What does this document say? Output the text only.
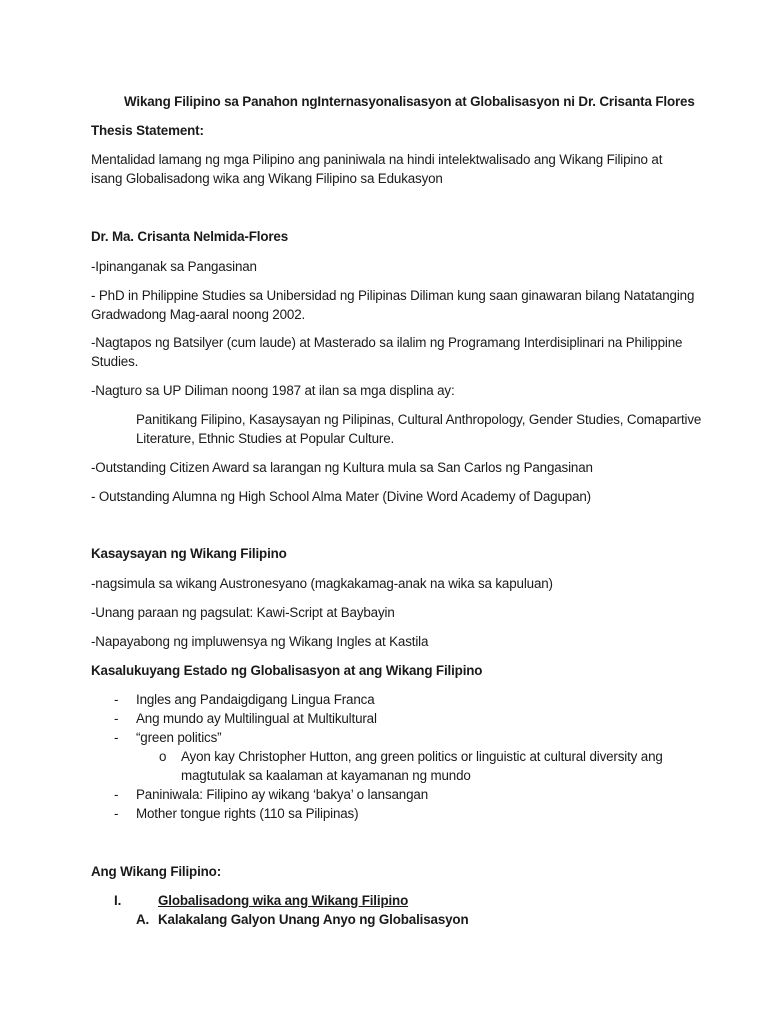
Wikang Filipino sa Panahon ngInternasyonalisasyon at Globalisasyon ni Dr. Crisanta Flores
Thesis Statement:
Mentalidad lamang ng mga Pilipino ang paniniwala na hindi intelektwalisado ang Wikang Filipino at
isang Globalisadong wika ang Wikang Filipino sa Edukasyon
Dr. Ma. Crisanta Nelmida-Flores
-Ipinanganak sa Pangasinan
- PhD in Philippine Studies sa Unibersidad ng Pilipinas Diliman kung saan ginawaran bilang Natatanging
Gradwadong Mag-aaral noong 2002.
-Nagtapos ng Batsilyer (cum laude) at Masterado sa ilalim ng Programang Interdisiplinari na Philippine
Studies.
-Nagturo sa UP Diliman noong 1987 at ilan sa mga displina ay:
Panitikang Filipino, Kasaysayan ng Pilipinas, Cultural Anthropology, Gender Studies, Comapartive
Literature, Ethnic Studies at Popular Culture.
-Outstanding Citizen Award sa larangan ng Kultura mula sa San Carlos ng Pangasinan
- Outstanding Alumna ng High School Alma Mater (Divine Word Academy of Dagupan)
Kasaysayan ng Wikang Filipino
-nagsimula sa wikang Austronesyano (magkakamag-anak na wika sa kapuluan)
-Unang paraan ng pagsulat: Kawi-Script at Baybayin
-Napayabong ng impluwensya ng Wikang Ingles at Kastila
Kasalukuyang Estado ng Globalisasyon at ang Wikang Filipino
- Ingles ang Pandaigdigang Lingua Franca
- Ang mundo ay Multilingual at Multikultural
- “green politics”
o Ayon kay Christopher Hutton, ang green politics or linguistic at cultural diversity ang
magtutulak sa kaalaman at kayamanan ng mundo
- Paniniwala: Filipino ay wikang ‘bakya’ o lansangan
- Mother tongue rights (110 sa Pilipinas)
Ang Wikang Filipino:
I.	Globalisadong wika ang Wikang Filipino
A. Kalakalang Galyon Unang Anyo ng Globalisasyon
